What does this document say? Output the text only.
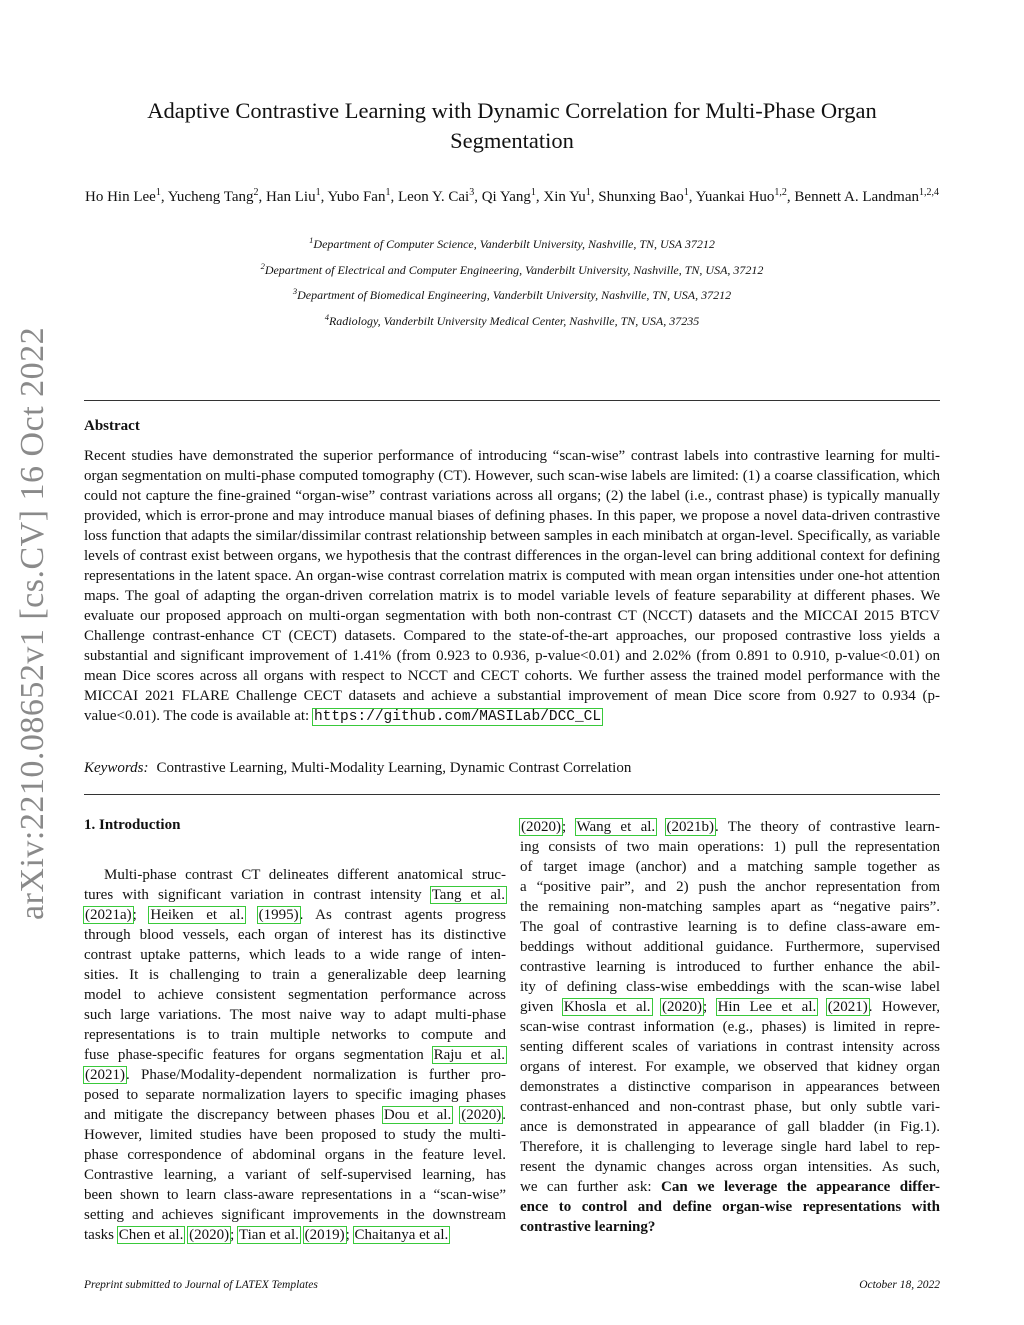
arXiv:2210.08652v1 [cs.CV] 16 Oct 2022
Adaptive Contrastive Learning with Dynamic Correlation for Multi-Phase Organ
Segmentation
Ho Hin Lee$^1$, Yucheng Tang$^2$, Han Liu$^1$, Yubo Fan$^1$, Leon Y. Cai$^3$, Qi Yang$^1$, Xin Yu$^1$, Shunxing Bao$^1$, Yuankai Huo$^{1,2}$, Bennett A. Landman$^{1,2,4}$
$^1$Department of Computer Science, Vanderbilt University, Nashville, TN, USA 37212
$^2$Department of Electrical and Computer Engineering, Vanderbilt University, Nashville, TN, USA, 37212
$^3$Department of Biomedical Engineering, Vanderbilt University, Nashville, TN, USA, 37212
$^4$Radiology, Vanderbilt University Medical Center, Nashville, TN, USA, 37235
Abstract
Recent studies have demonstrated the superior performance of introducing “scan-wise” contrast labels into contrastive learning for multi-organ segmentation on multi-phase computed tomography (CT). However, such scan-wise labels are limited: (1) a coarse classification, which could not capture the fine-grained “organ-wise” contrast variations across all organs; (2) the label (i.e., contrast phase) is typically manually provided, which is error-prone and may introduce manual biases of defining phases. In this paper, we propose a novel data-driven contrastive loss function that adapts the similar/dissimilar contrast relationship between samples in each minibatch at organ-level. Specifically, as variable levels of contrast exist between organs, we hypothesis that the contrast differences in the organ-level can bring additional context for defining representations in the latent space. An organ-wise contrast correlation matrix is computed with mean organ intensities under one-hot attention maps. The goal of adapting the organ-driven correlation matrix is to model variable levels of feature separability at different phases. We evaluate our proposed approach on multi-organ segmentation with both non-contrast CT (NCCT) datasets and the MICCAI 2015 BTCV Challenge contrast-enhance CT (CECT) datasets. Compared to the state-of-the-art approaches, our proposed contrastive loss yields a substantial and significant improvement of 1.41% (from 0.923 to 0.936, p-value<0.01) and 2.02% (from 0.891 to 0.910, p-value<0.01) on mean Dice scores across all organs with respect to NCCT and CECT cohorts. We further assess the trained model performance with the MICCAI 2021 FLARE Challenge CECT datasets and achieve a substantial improvement of mean Dice score from 0.927 to 0.934 (p-value<0.01). The code is available at: https://github.com/MASILab/DCC_CL
Keywords: Contrastive Learning, Multi-Modality Learning, Dynamic Contrast Correlation
1. Introduction
Multi-phase contrast CT delineates different anatomical struc-
tures with significant variation in contrast intensity Tang et al.
(2021a); Heiken et al. (1995). As contrast agents progress
through blood vessels, each organ of interest has its distinctive
contrast uptake patterns, which leads to a wide range of inten-
sities. It is challenging to train a generalizable deep learning
model to achieve consistent segmentation performance across
such large variations. The most naive way to adapt multi-phase
representations is to train multiple networks to compute and
fuse phase-specific features for organs segmentation Raju et al.
(2021). Phase/Modality-dependent normalization is further pro-
posed to separate normalization layers to specific imaging phases
and mitigate the discrepancy between phases Dou et al. (2020).
However, limited studies have been proposed to study the multi-
phase correspondence of abdominal organs in the feature level.
Contrastive learning, a variant of self-supervised learning, has
been shown to learn class-aware representations in a “scan-wise”
setting and achieves significant improvements in the downstream
tasks Chen et al. (2020); Tian et al. (2019); Chaitanya et al.
(2020); Wang et al. (2021b). The theory of contrastive learn-
ing consists of two main operations: 1) pull the representation
of target image (anchor) and a matching sample together as
a “positive pair”, and 2) push the anchor representation from
the remaining non-matching samples apart as “negative pairs”.
The goal of contrastive learning is to define class-aware em-
beddings without additional guidance. Furthermore, supervised
contrastive learning is introduced to further enhance the abil-
ity of defining class-wise embeddings with the scan-wise label
given Khosla et al. (2020); Hin Lee et al. (2021). However,
scan-wise contrast information (e.g., phases) is limited in repre-
senting different scales of variations in contrast intensity across
organs of interest. For example, we observed that kidney organ
demonstrates a distinctive comparison in appearances between
contrast-enhanced and non-contrast phase, but only subtle vari-
ance is demonstrated in appearance of gall bladder (in Fig.1).
Therefore, it is challenging to leverage single hard label to rep-
resent the dynamic changes across organ intensities. As such,
we can further ask: Can we leverage the appearance differ-
ence to control and define organ-wise representations with
contrastive learning?
Preprint submitted to Journal of LATEX Templates	October 18, 2022
